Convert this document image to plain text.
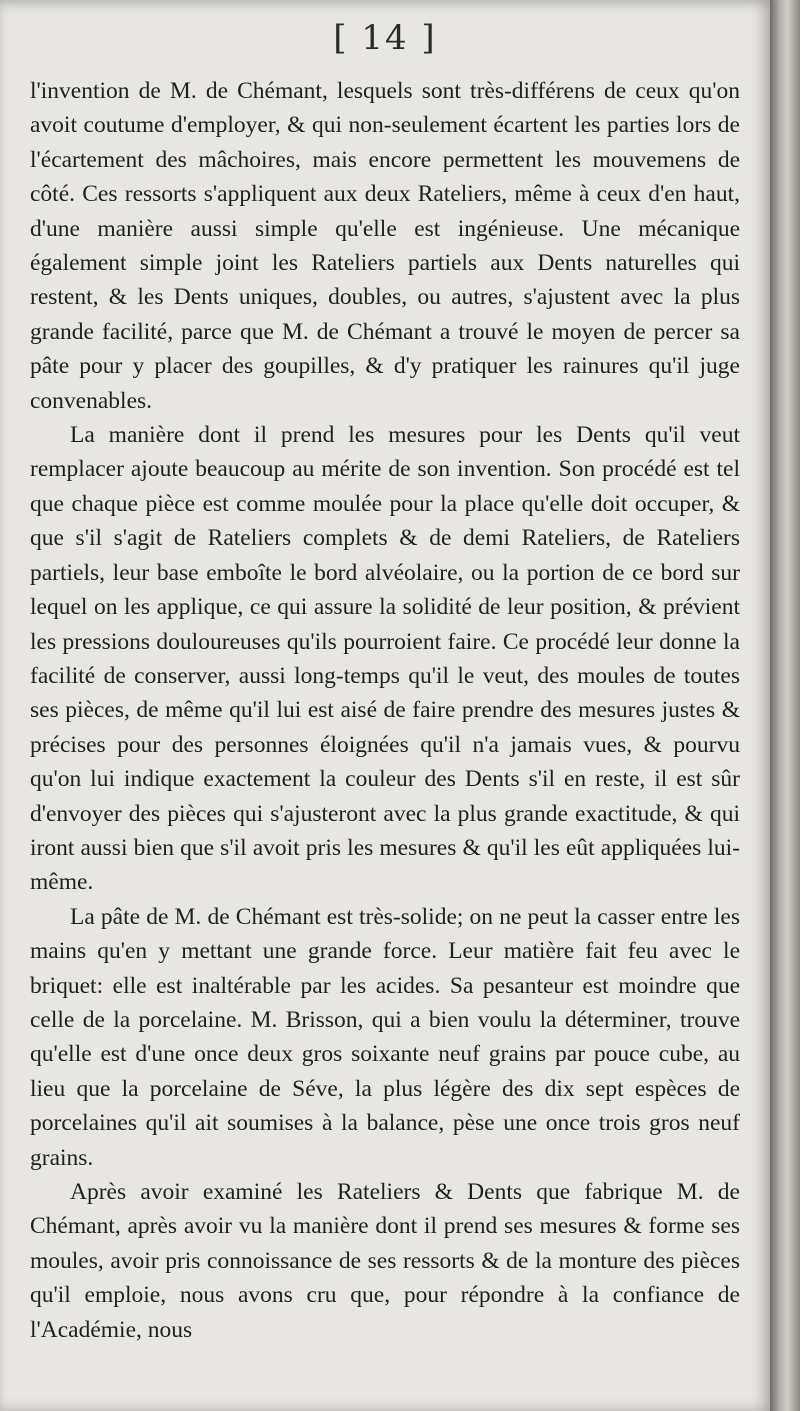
[ 14 ]

l'invention de M. de Chémant, lesquels sont très-différens de ceux qu'on avoit coutume d'employer, & qui non-seulement écartent les parties lors de l'écartement des mâchoires, mais encore permettent les mouvemens de côté. Ces ressorts s'appliquent aux deux Rateliers, même à ceux d'en haut, d'une manière aussi simple qu'elle est ingénieuse. Une mécanique également simple joint les Rateliers partiels aux Dents naturelles qui restent, & les Dents uniques, doubles, ou autres, s'ajustent avec la plus grande facilité, parce que M. de Chémant a trouvé le moyen de percer sa pâte pour y placer des goupilles, & d'y pratiquer les rainures qu'il juge convenables.

La manière dont il prend les mesures pour les Dents qu'il veut remplacer ajoute beaucoup au mérite de son invention. Son procédé est tel que chaque pièce est comme moulée pour la place qu'elle doit occuper, & que s'il s'agit de Rateliers complets & de demi Rateliers, de Rateliers partiels, leur base emboîte le bord alvéolaire, ou la portion de ce bord sur lequel on les applique, ce qui assure la solidité de leur position, & prévient les pressions douloureuses qu'ils pourroient faire. Ce procédé leur donne la facilité de conserver, aussi long-temps qu'il le veut, des moules de toutes ses pièces, de même qu'il lui est aisé de faire prendre des mesures justes & précises pour des personnes éloignées qu'il n'a jamais vues, & pourvu qu'on lui indique exactement la couleur des Dents s'il en reste, il est sûr d'envoyer des pièces qui s'ajusteront avec la plus grande exactitude, & qui iront aussi bien que s'il avoit pris les mesures & qu'il les eût appliquées lui-même.

La pâte de M. de Chémant est très-solide; on ne peut la casser entre les mains qu'en y mettant une grande force. Leur matière fait feu avec le briquet: elle est inaltérable par les acides. Sa pesanteur est moindre que celle de la porcelaine. M. Brisson, qui a bien voulu la déterminer, trouve qu'elle est d'une once deux gros soixante neuf grains par pouce cube, au lieu que la porcelaine de Séve, la plus légère des dix sept espèces de porcelaines qu'il ait soumises à la balance, pèse une once trois gros neuf grains.

Après avoir examiné les Rateliers & Dents que fabrique M. de Chémant, après avoir vu la manière dont il prend ses mesures & forme ses moules, avoir pris connoissance de ses ressorts & de la monture des pièces qu'il emploie, nous avons cru que, pour répondre à la confiance de l'Académie, nous
